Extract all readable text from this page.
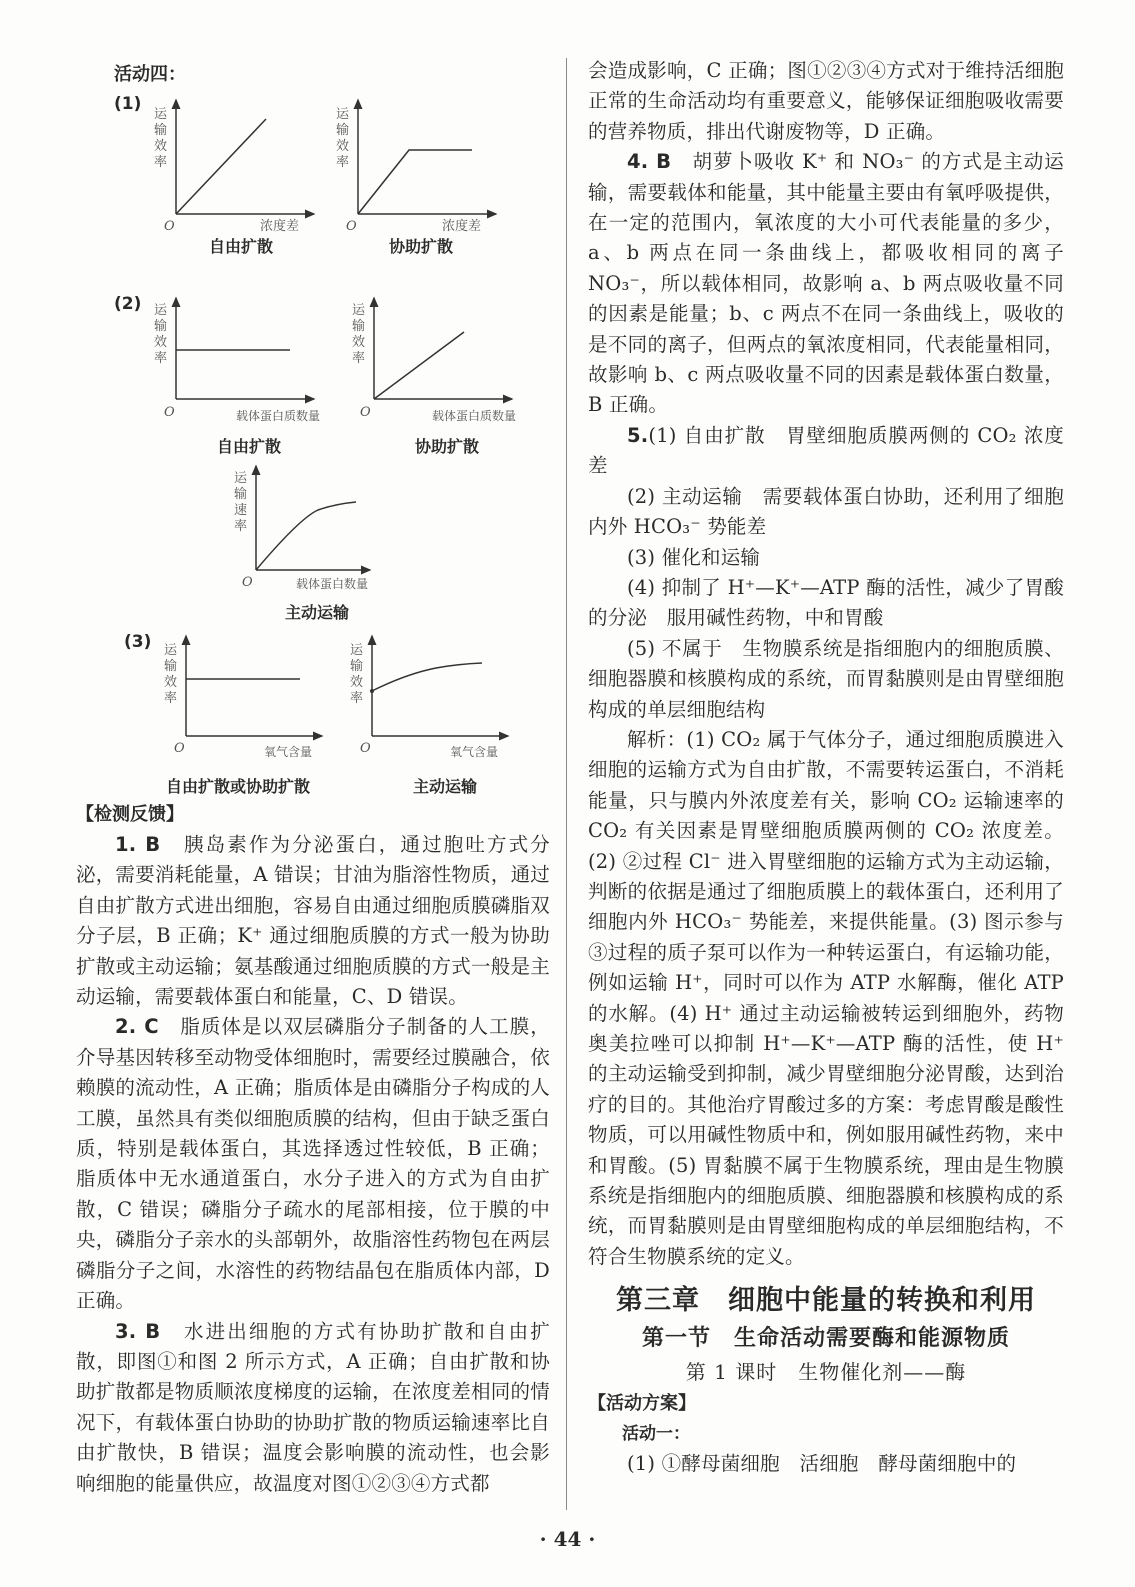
活动四：
(1)
(2)
(3)
运
输
效
率
O	浓度差
自由扩散
运
输
效
率
O	浓度差
协助扩散
运
输
效
率
O	载体蛋白质数量
自由扩散
运
输
效
率
O	载体蛋白质数量
协助扩散
运
输
速
率
O	载体蛋白数量
主动运输
运
输
效
率
O	氧气含量
自由扩散或协助扩散
运
输
效
率
O	氧气含量
主动运输

【检测反馈】

1. B　 胰岛素作为分泌蛋白，通过胞吐方式分泌，需要消耗能量，A 错误；甘油为脂溶性物质，通过自由扩散方式进出细胞，容易自由通过细胞质膜磷脂双分子层，B 正确；K⁺ 通过细胞质膜的方式一般为协助扩散或主动运输；氨基酸通过细胞质膜的方式一般是主动运输，需要载体蛋白和能量，C、D 错误。

2. C　 脂质体是以双层磷脂分子制备的人工膜，介导基因转移至动物受体细胞时，需要经过膜融合，依赖膜的流动性，A 正确；脂质体是由磷脂分子构成的人工膜，虽然具有类似细胞质膜的结构，但由于缺乏蛋白质，特别是载体蛋白，其选择透过性较低，B 正确；脂质体中无水通道蛋白，水分子进入的方式为自由扩散，C 错误；磷脂分子疏水的尾部相接，位于膜的中央，磷脂分子亲水的头部朝外，故脂溶性药物包在两层磷脂分子之间，水溶性的药物结晶包在脂质体内部，D 正确。

3. B　 水进出细胞的方式有协助扩散和自由扩散，即图①和图 2 所示方式，A 正确；自由扩散和协助扩散都是物质顺浓度梯度的运输，在浓度差相同的情况下，有载体蛋白协助的协助扩散的物质运输速率比自由扩散快，B 错误；温度会影响膜的流动性，也会影响细胞的能量供应，故温度对图①②③④方式都

会造成影响，C 正确；图①②③④方式对于维持活细胞正常的生命活动均有重要意义，能够保证细胞吸收需要的营养物质，排出代谢废物等，D 正确。

4. B　 胡萝卜吸收 K⁺ 和 NO₃⁻ 的方式是主动运输，需要载体和能量，其中能量主要由有氧呼吸提供，在一定的范围内，氧浓度的大小可代表能量的多少，a、b 两点在同一条曲线上，都吸收相同的离子 NO₃⁻，所以载体相同，故影响 a、b 两点吸收量不同的因素是能量；b、c 两点不在同一条曲线上，吸收的是不同的离子，但两点的氧浓度相同，代表能量相同，故影响 b、c 两点吸收量不同的因素是载体蛋白数量，B 正确。

5.(1) 自由扩散　胃壁细胞质膜两侧的 CO₂ 浓度差

(2) 主动运输　需要载体蛋白协助，还利用了细胞内外 HCO₃⁻ 势能差

(3) 催化和运输

(4) 抑制了 H⁺—K⁺—ATP 酶的活性，减少了胃酸的分泌　服用碱性药物，中和胃酸

(5) 不属于　生物膜系统是指细胞内的细胞质膜、细胞器膜和核膜构成的系统，而胃黏膜则是由胃壁细胞构成的单层细胞结构

解析：(1) CO₂ 属于气体分子，通过细胞质膜进入细胞的运输方式为自由扩散，不需要转运蛋白，不消耗能量，只与膜内外浓度差有关，影响 CO₂ 运输速率的 CO₂ 有关因素是胃壁细胞质膜两侧的 CO₂ 浓度差。(2) ②过程 Cl⁻ 进入胃壁细胞的运输方式为主动运输，判断的依据是通过了细胞质膜上的载体蛋白，还利用了细胞内外 HCO₃⁻ 势能差，来提供能量。(3) 图示参与③过程的质子泵可以作为一种转运蛋白，有运输功能，例如运输 H⁺，同时可以作为 ATP 水解酶，催化 ATP 的水解。(4) H⁺ 通过主动运输被转运到细胞外，药物奥美拉唑可以抑制 H⁺—K⁺—ATP 酶的活性，使 H⁺ 的主动运输受到抑制，减少胃壁细胞分泌胃酸，达到治疗的目的。其他治疗胃酸过多的方案：考虑胃酸是酸性物质，可以用碱性物质中和，例如服用碱性药物，来中和胃酸。(5) 胃黏膜不属于生物膜系统，理由是生物膜系统是指细胞内的细胞质膜、细胞器膜和核膜构成的系统，而胃黏膜则是由胃壁细胞构成的单层细胞结构，不符合生物膜系统的定义。

第三章　细胞中能量的转换和利用
第一节　生命活动需要酶和能源物质
第 1 课时　生物催化剂——酶

【活动方案】

活动一：

(1) ①酵母菌细胞　活细胞　酵母菌细胞中的

· 44 ·
